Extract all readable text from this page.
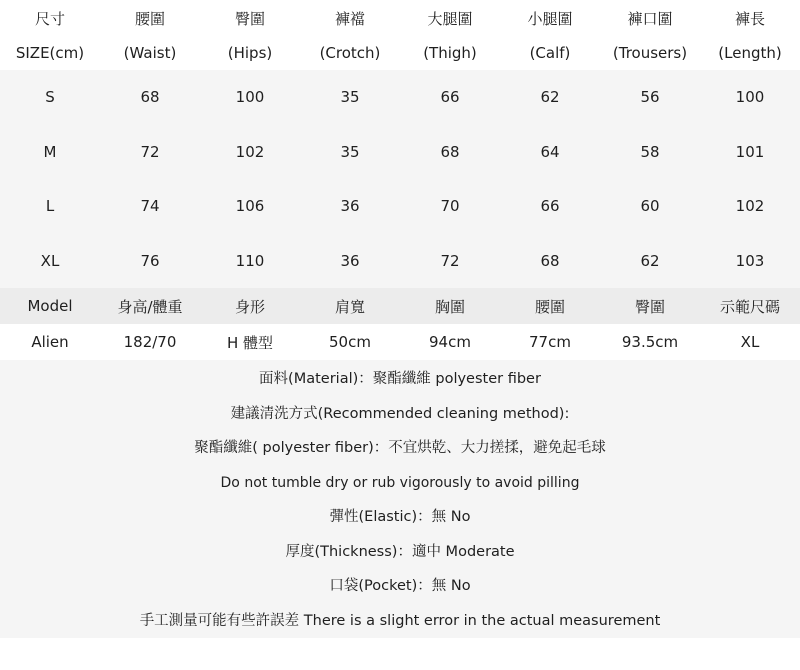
尺寸	腰圍	臀圍	褲襠	大腿圍	小腿圍	褲口圍	褲長
SIZE(cm)	(Waist)	(Hips)	(Crotch)	(Thigh)	(Calf)	(Trousers)	(Length)
S	68	100	35	66	62	56	100
M	72	102	35	68	64	58	101
L	74	106	36	70	66	60	102
XL	76	110	36	72	68	62	103
Model	身高/體重	身形	肩寬	胸圍	腰圍	臀圍	示範尺碼
Alien	182/70	H 體型	50cm	94cm	77cm	93.5cm	XL
面料(Material)：聚酯纖維 polyester fiber
建議清洗方式(Recommended cleaning method):
聚酯纖維( polyester fiber)：不宜烘乾、大力搓揉，避免起毛球
Do not tumble dry or rub vigorously to avoid pilling
彈性(Elastic)：無 No
厚度(Thickness)：適中 Moderate
口袋(Pocket)：無 No
手工測量可能有些許誤差 There is a slight error in the actual measurement
